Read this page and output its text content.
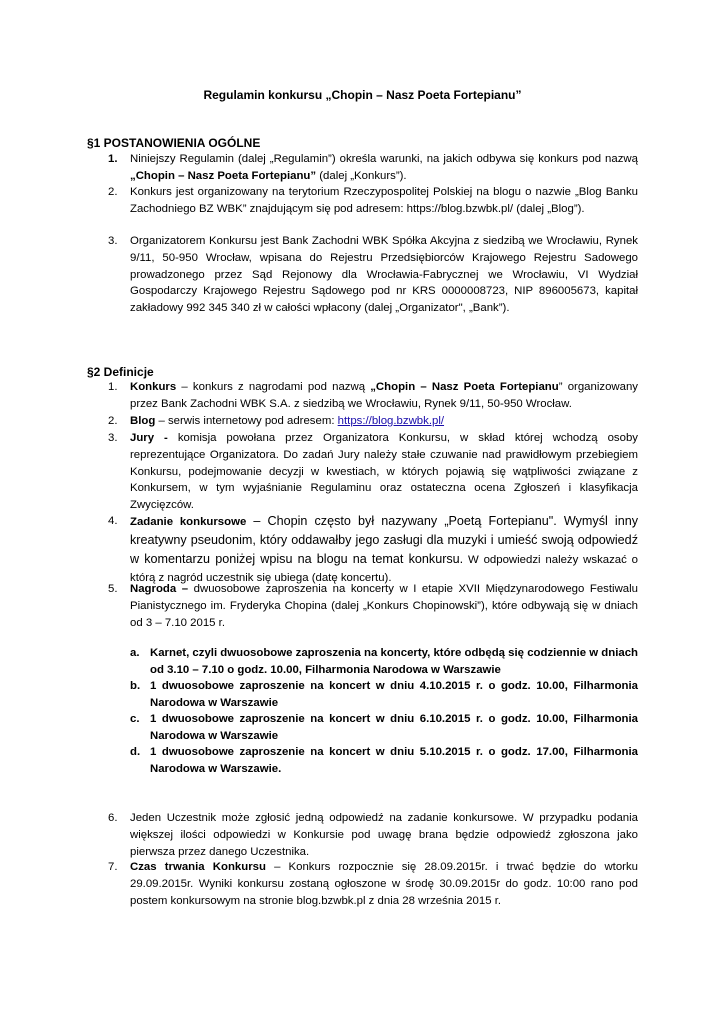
Regulamin konkursu „Chopin – Nasz Poeta Fortepianu”
§1 POSTANOWIENIA OGÓLNE
1. Niniejszy Regulamin (dalej „Regulamin”) określa warunki, na jakich odbywa się konkurs pod nazwą „Chopin – Nasz Poeta Fortepianu” (dalej „Konkurs”).
2. Konkurs jest organizowany na terytorium Rzeczypospolitej Polskiej na blogu o nazwie „Blog Banku Zachodniego BZ WBK” znajdującym się pod adresem: https://blog.bzwbk.pl/ (dalej „Blog”).
3. Organizatorem Konkursu jest Bank Zachodni WBK Spółka Akcyjna z siedzibą we Wrocławiu, Rynek 9/11, 50-950 Wrocław, wpisana do Rejestru Przedsiębiorców Krajowego Rejestru Sadowego prowadzonego przez Sąd Rejonowy dla Wrocławia-Fabrycznej we Wrocławiu, VI Wydział Gospodarczy Krajowego Rejestru Sądowego pod nr KRS 0000008723, NIP 896005673, kapitał zakładowy 992 345 340 zł w całości wpłacony (dalej „Organizator", „Bank”).
§2 Definicje
1. Konkurs – konkurs z nagrodami pod nazwą „Chopin – Nasz Poeta Fortepianu” organizowany przez Bank Zachodni WBK S.A. z siedzibą we Wrocławiu, Rynek 9/11, 50-950 Wrocław.
2. Blog – serwis internetowy pod adresem: https://blog.bzwbk.pl/
3. Jury - komisja powołana przez Organizatora Konkursu, w skład której wchodzą osoby reprezentujące Organizatora. Do zadań Jury należy stałe czuwanie nad prawidłowym przebiegiem Konkursu, podejmowanie decyzji w kwestiach, w których pojawią się wątpliwości związane z Konkursem, w tym wyjaśnianie Regulaminu oraz ostateczna ocena Zgłoszeń i klasyfikacja Zwycięzców.
4. Zadanie konkursowe – Chopin często był nazywany „Poetą Fortepianu". Wymyśl inny kreatywny pseudonim, który oddawałby jego zasługi dla muzyki i umieść swoją odpowiedź w komentarzu poniżej wpisu na blogu na temat konkursu. W odpowiedzi należy wskazać o którą z nagród uczestnik się ubiega (datę koncertu).
5. Nagroda – dwuosobowe zaproszenia na koncerty w I etapie XVII Międzynarodowego Festiwalu Pianistycznego im. Fryderyka Chopina (dalej „Konkurs Chopinowski”), które odbywają się w dniach od 3 – 7.10 2015 r.
a. Karnet, czyli dwuosobowe zaproszenia na koncerty, które odbędą się codziennie w dniach od 3.10 – 7.10 o godz. 10.00, Filharmonia Narodowa w Warszawie
b. 1 dwuosobowe zaproszenie na koncert w dniu 4.10.2015 r. o godz. 10.00, Filharmonia Narodowa w Warszawie
c. 1 dwuosobowe zaproszenie na koncert w dniu 6.10.2015 r. o godz. 10.00, Filharmonia Narodowa w Warszawie
d. 1 dwuosobowe zaproszenie na koncert w dniu 5.10.2015 r. o godz. 17.00, Filharmonia Narodowa w Warszawie.
6. Jeden Uczestnik może zgłosić jedną odpowiedź na zadanie konkursowe. W przypadku podania większej ilości odpowiedzi w Konkursie pod uwagę brana będzie odpowiedź zgłoszona jako pierwsza przez danego Uczestnika.
7. Czas trwania Konkursu – Konkurs rozpocznie się 28.09.2015r. i trwać będzie do wtorku 29.09.2015r. Wyniki konkursu zostaną ogłoszone w środę 30.09.2015r do godz. 10:00 rano pod postem konkursowym na stronie blog.bzwbk.pl z dnia 28 września 2015 r.
